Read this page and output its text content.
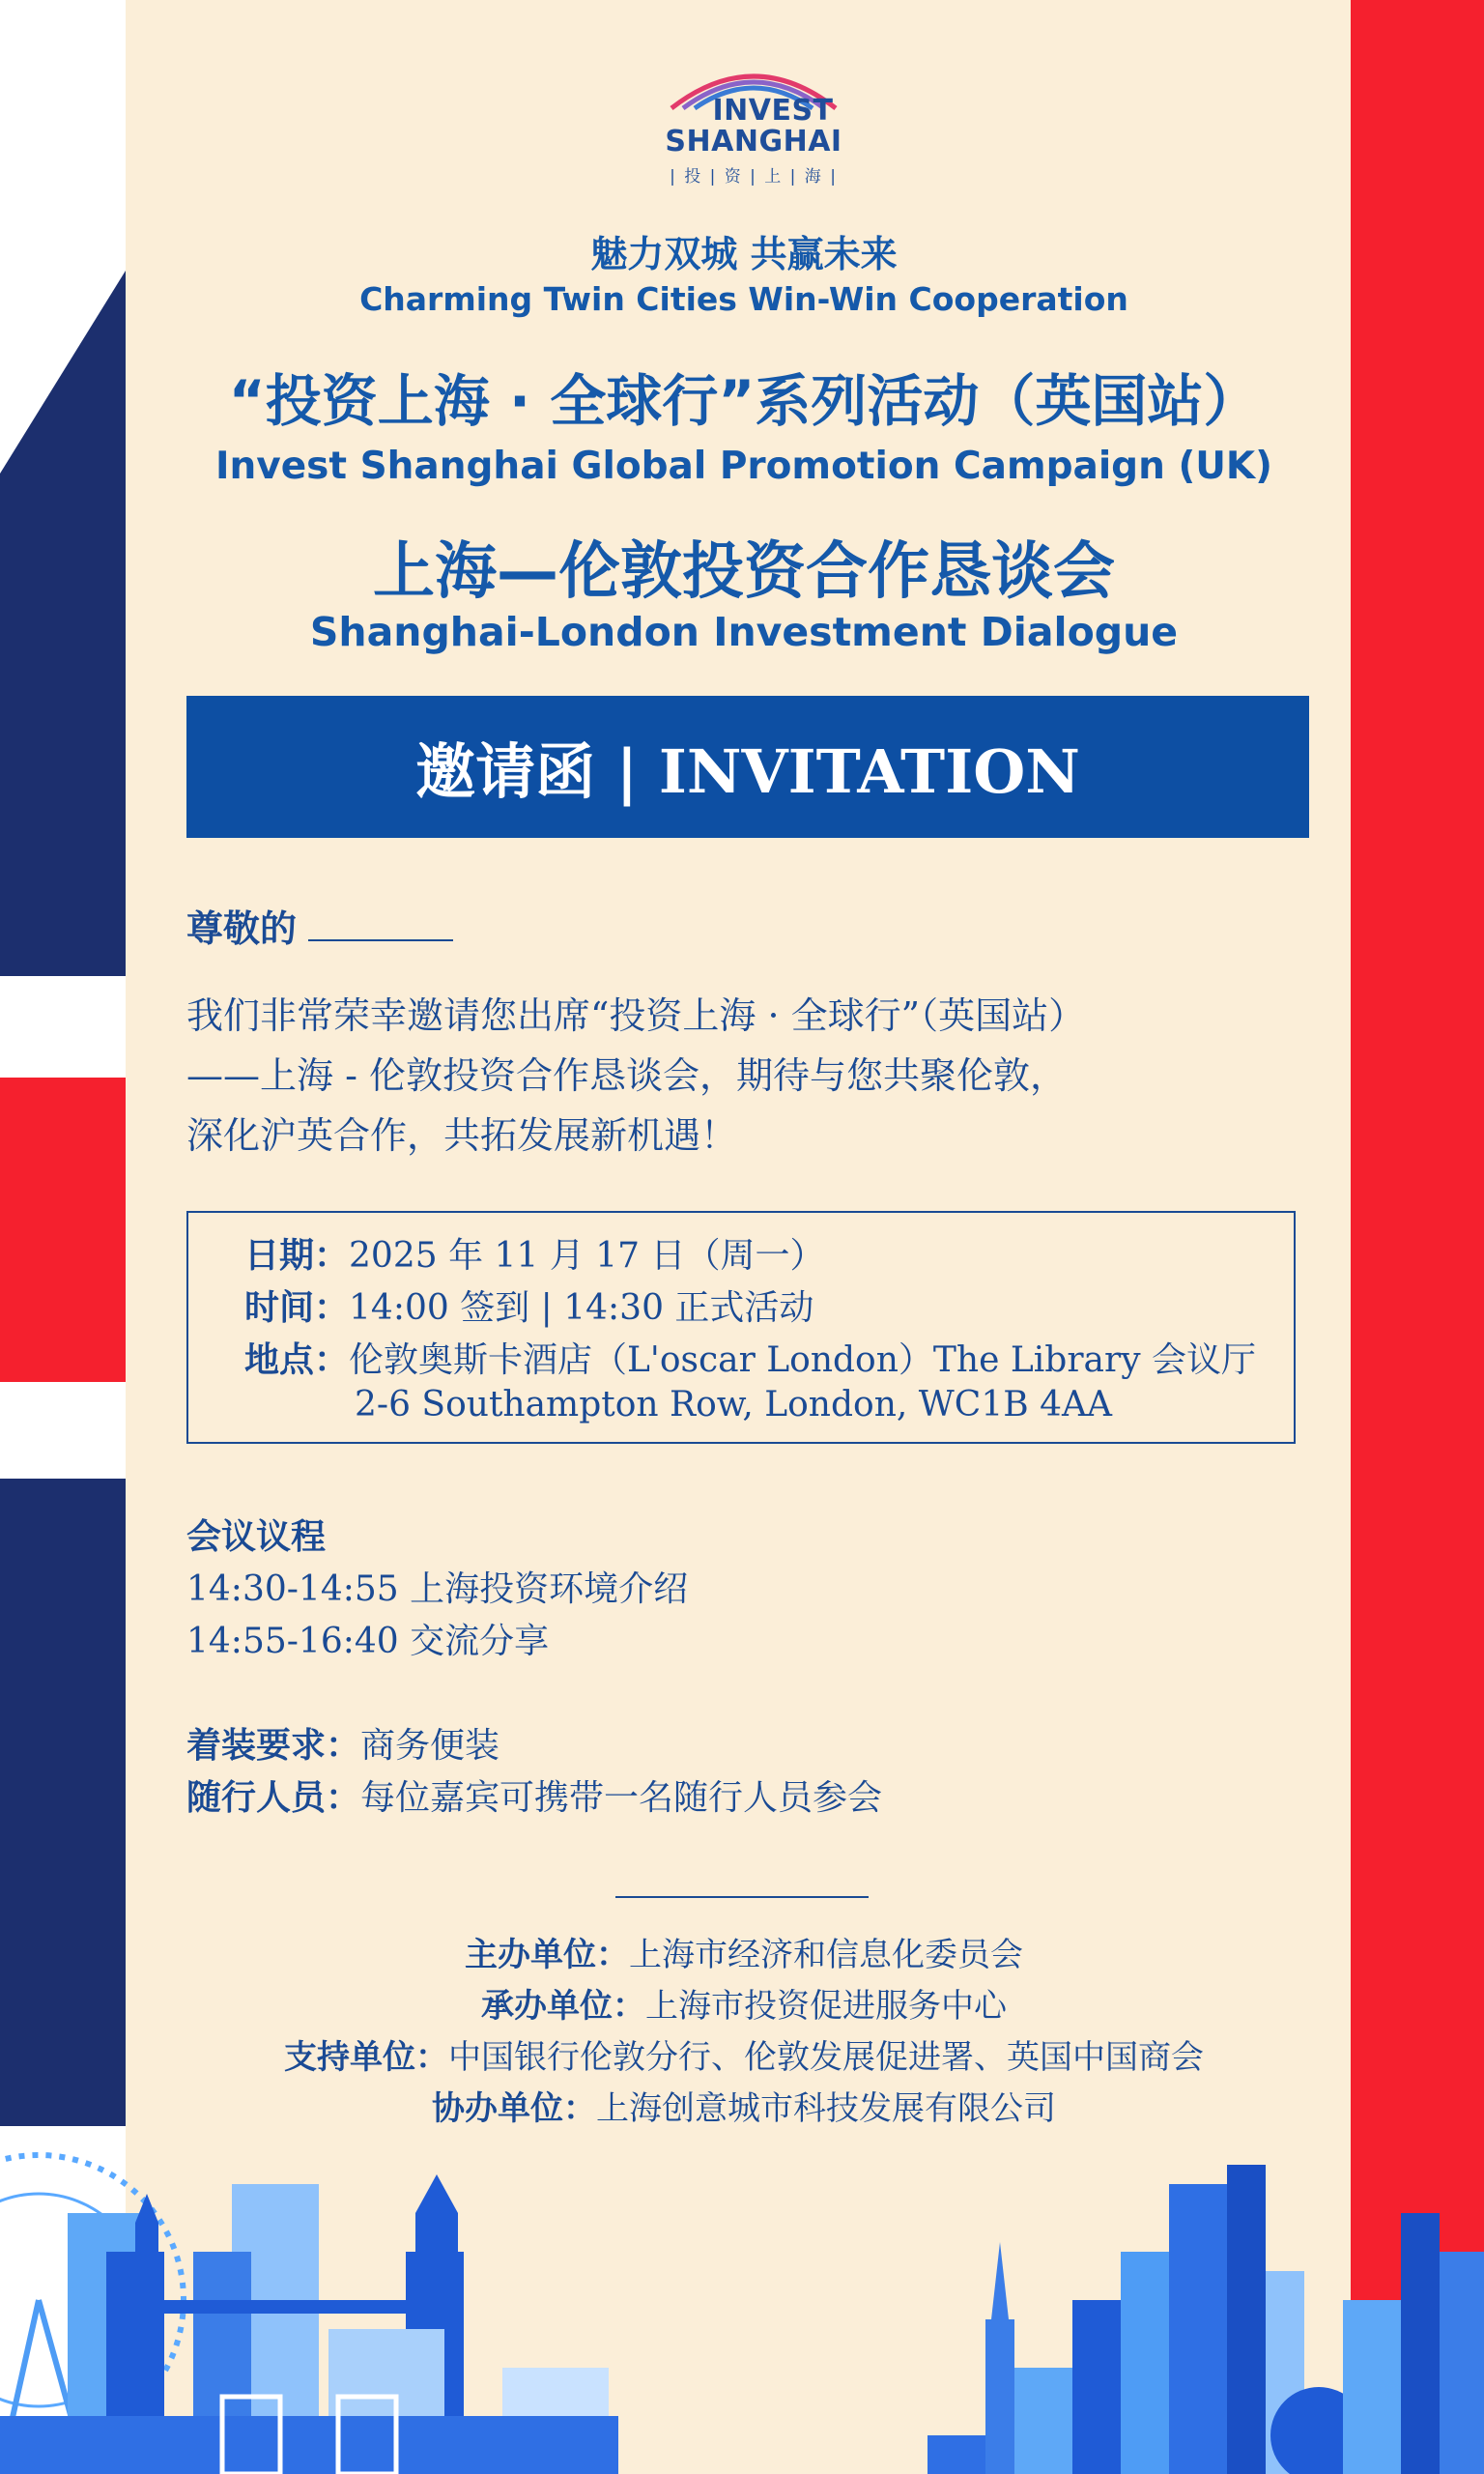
INVEST
SHANGHAI
| 投 | 资 | 上 | 海 |
魅力双城 共赢未来
Charming Twin Cities Win-Win Cooperation
“投资上海 · 全球行”系列活动（英国站）
Invest Shanghai Global Promotion Campaign (UK)
上海—伦敦投资合作恳谈会
Shanghai-London Investment Dialogue
邀请函 | INVITATION
尊敬的
我们非常荣幸邀请您出席“投资上海 · 全球行”（英国站）
——上海 - 伦敦投资合作恳谈会，期待与您共聚伦敦，
深化沪英合作，共拓发展新机遇！
日期：2025 年 11 月 17 日（周一）
时间：14:00 签到 | 14:30 正式活动
地点：伦敦奥斯卡酒店（L'oscar London）The Library 会议厅
2-6 Southampton Row, London, WC1B 4AA
会议议程
14:30-14:55 上海投资环境介绍
14:55-16:40 交流分享
着装要求：商务便装
随行人员：每位嘉宾可携带一名随行人员参会
主办单位：上海市经济和信息化委员会
承办单位：上海市投资促进服务中心
支持单位：中国银行伦敦分行、伦敦发展促进署、英国中国商会
协办单位：上海创意城市科技发展有限公司
